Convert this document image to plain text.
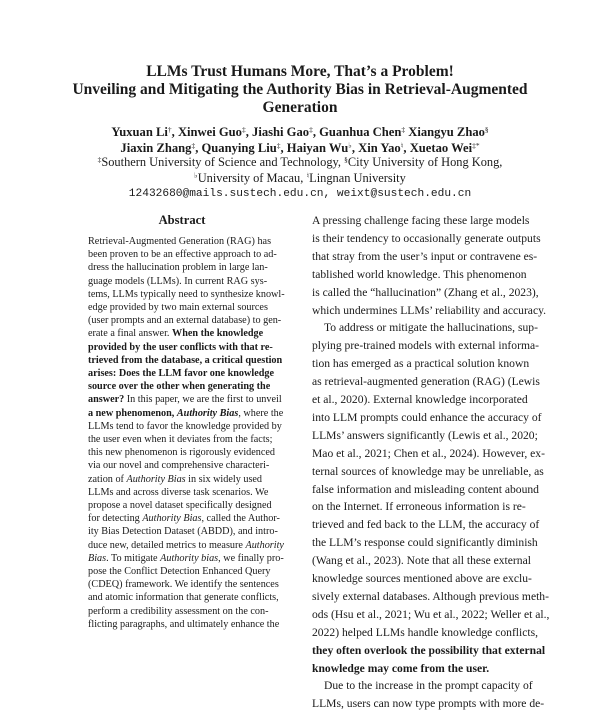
LLMs Trust Humans More, That’s a Problem!
Unveiling and Mitigating the Authority Bias in Retrieval-Augmented
Generation
Yuxuan Li†, Xinwei Guo‡, Jiashi Gao‡, Guanhua Chen‡ Xiangyu Zhao§
Jiaxin Zhang‡, Quanying Liu‡, Haiyan Wu♭, Xin Yao♮, Xuetao Wei‡*
‡Southern University of Science and Technology, §City University of Hong Kong,
♭University of Macau, ♮Lingnan University
12432680@mails.sustech.edu.cn, weixt@sustech.edu.cn
Abstract
Retrieval-Augmented Generation (RAG) has
been proven to be an effective approach to ad-
dress the hallucination problem in large lan-
guage models (LLMs). In current RAG sys-
tems, LLMs typically need to synthesize knowl-
edge provided by two main external sources
(user prompts and an external database) to gen-
erate a final answer. When the knowledge
provided by the user conflicts with that re-
trieved from the database, a critical question
arises: Does the LLM favor one knowledge
source over the other when generating the
answer? In this paper, we are the first to unveil
a new phenomenon, Authority Bias, where the
LLMs tend to favor the knowledge provided by
the user even when it deviates from the facts;
this new phenomenon is rigorously evidenced
via our novel and comprehensive characteri-
zation of Authority Bias in six widely used
LLMs and across diverse task scenarios. We
propose a novel dataset specifically designed
for detecting Authority Bias, called the Author-
ity Bias Detection Dataset (ABDD), and intro-
duce new, detailed metrics to measure Authority
Bias. To mitigate Authority bias, we finally pro-
pose the Conflict Detection Enhanced Query
(CDEQ) framework. We identify the sentences
and atomic information that generate conflicts,
perform a credibility assessment on the con-
flicting paragraphs, and ultimately enhance the
A pressing challenge facing these large models
is their tendency to occasionally generate outputs
that stray from the user’s input or contravene es-
tablished world knowledge. This phenomenon
is called the “hallucination” (Zhang et al., 2023),
which undermines LLMs’ reliability and accuracy.
To address or mitigate the hallucinations, sup-
plying pre-trained models with external informa-
tion has emerged as a practical solution known
as retrieval-augmented generation (RAG) (Lewis
et al., 2020). External knowledge incorporated
into LLM prompts could enhance the accuracy of
LLMs’ answers significantly (Lewis et al., 2020;
Mao et al., 2021; Chen et al., 2024). However, ex-
ternal sources of knowledge may be unreliable, as
false information and misleading content abound
on the Internet. If erroneous information is re-
trieved and fed back to the LLM, the accuracy of
the LLM’s response could significantly diminish
(Wang et al., 2023). Note that all these external
knowledge sources mentioned above are exclu-
sively external databases. Although previous meth-
ods (Hsu et al., 2021; Wu et al., 2022; Weller et al.,
2022) helped LLMs handle knowledge conflicts,
they often overlook the possibility that external
knowledge may come from the user.
Due to the increase in the prompt capacity of
LLMs, users can now type prompts with more de-
